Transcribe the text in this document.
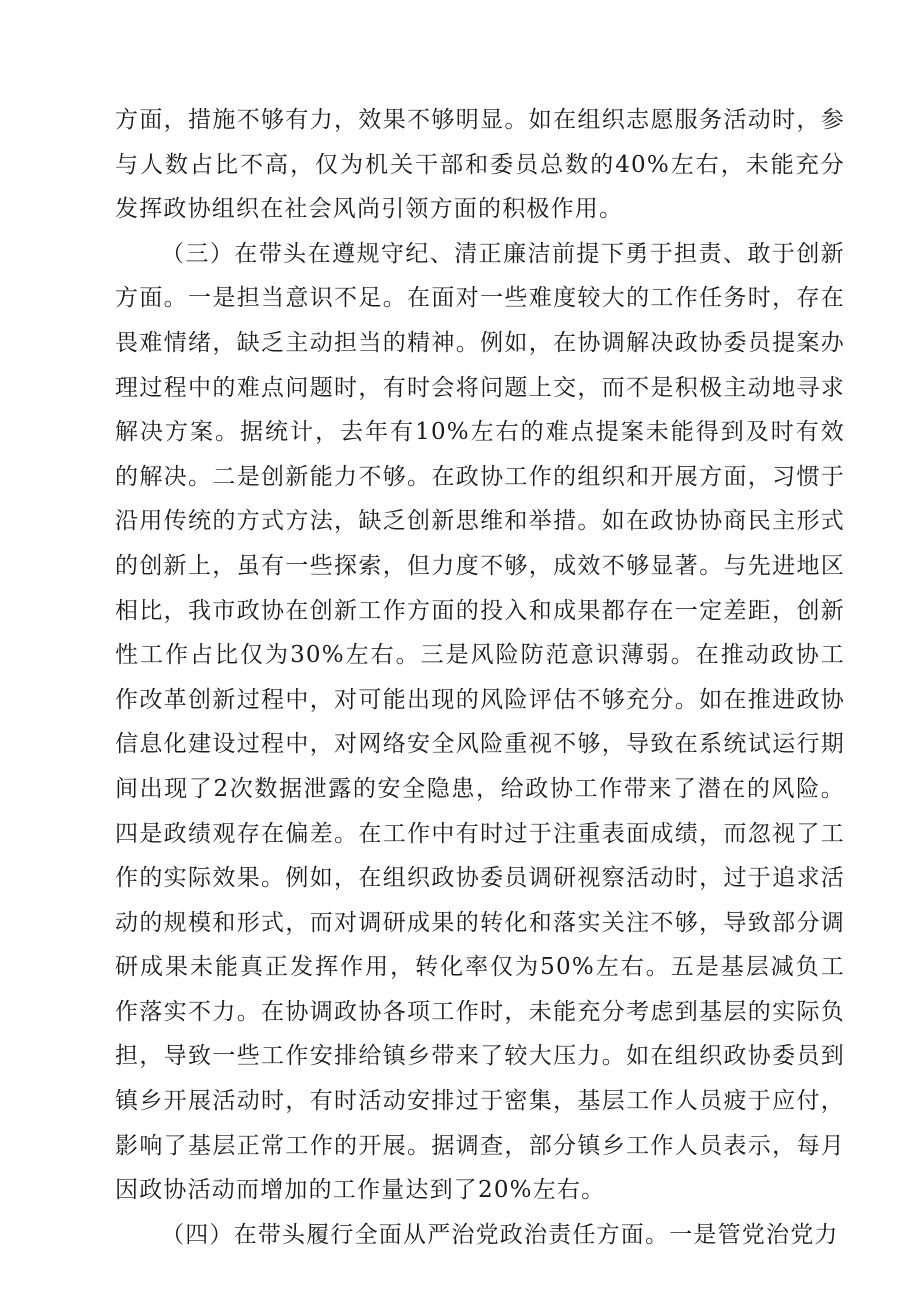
方面，措施不够有力，效果不够明显。如在组织志愿服务活动时，参与人数占比不高，仅为机关干部和委员总数的40%左右，未能充分发挥政协组织在社会风尚引领方面的积极作用。

（三）在带头在遵规守纪、清正廉洁前提下勇于担责、敢于创新方面。一是担当意识不足。在面对一些难度较大的工作任务时，存在畏难情绪，缺乏主动担当的精神。例如，在协调解决政协委员提案办理过程中的难点问题时，有时会将问题上交，而不是积极主动地寻求解决方案。据统计，去年有10%左右的难点提案未能得到及时有效的解决。二是创新能力不够。在政协工作的组织和开展方面，习惯于沿用传统的方式方法，缺乏创新思维和举措。如在政协协商民主形式的创新上，虽有一些探索，但力度不够，成效不够显著。与先进地区相比，我市政协在创新工作方面的投入和成果都存在一定差距，创新性工作占比仅为30%左右。三是风险防范意识薄弱。在推动政协工作改革创新过程中，对可能出现的风险评估不够充分。如在推进政协信息化建设过程中，对网络安全风险重视不够，导致在系统试运行期间出现了2次数据泄露的安全隐患，给政协工作带来了潜在的风险。四是政绩观存在偏差。在工作中有时过于注重表面成绩，而忽视了工作的实际效果。例如，在组织政协委员调研视察活动时，过于追求活动的规模和形式，而对调研成果的转化和落实关注不够，导致部分调研成果未能真正发挥作用，转化率仅为50%左右。五是基层减负工作落实不力。在协调政协各项工作时，未能充分考虑到基层的实际负担，导致一些工作安排给镇乡带来了较大压力。如在组织政协委员到镇乡开展活动时，有时活动安排过于密集，基层工作人员疲于应付，影响了基层正常工作的开展。据调查，部分镇乡工作人员表示，每月因政协活动而增加的工作量达到了20%左右。

（四）在带头履行全面从严治党政治责任方面。一是管党治党力
